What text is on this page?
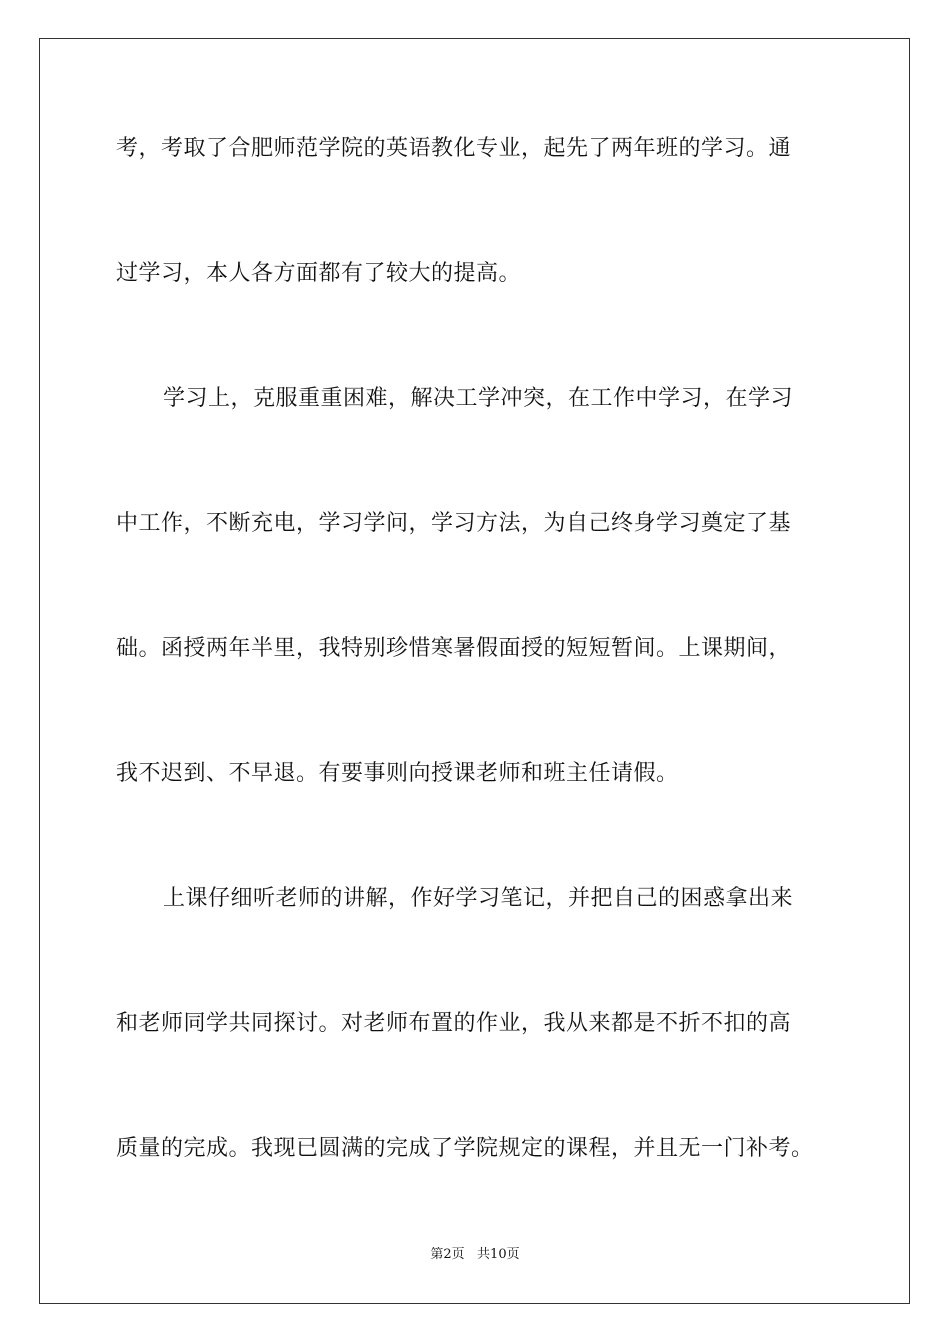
考，考取了合肥师范学院的英语教化专业，起先了两年班的学习。通
过学习，本人各方面都有了较大的提高。
学习上，克服重重困难，解决工学冲突，在工作中学习，在学习
中工作，不断充电，学习学问，学习方法，为自己终身学习奠定了基
础。函授两年半里，我特别珍惜寒暑假面授的短短暂间。上课期间，
我不迟到、不早退。有要事则向授课老师和班主任请假。
上课仔细听老师的讲解，作好学习笔记，并把自己的困惑拿出来
和老师同学共同探讨。对老师布置的作业，我从来都是不折不扣的高
质量的完成。我现已圆满的完成了学院规定的课程，并且无一门补考。
第2页   共10页
